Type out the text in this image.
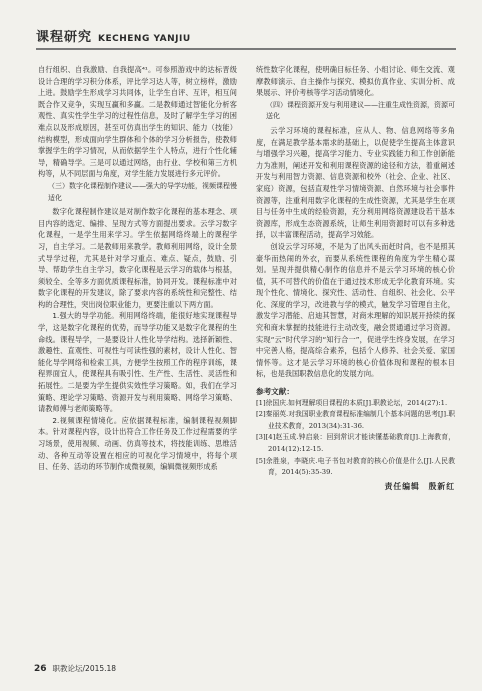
课程研究 KECHENG YANJIU

自行组织、自我激励、自我提高⁴¹。可参照游戏中的达标晋级设计合理的学习积分体系，评比学习达人等，树立榜样，激励上进。鼓励学生形成学习共同体，让学生自评、互评，相互间既合作又竞争，实现互赢和多赢。二是教师通过智能化分析客观性、真实性学生学习的过程性信息，及时了解学生学习的困难点以及形成原因，甚至可仿真出学生的知识、能力（技能）结构模型，形成面向学生群体和个体的学习分析报告，使教师掌握学生的学习情况，从而依据学生个人特点，进行个性化辅导，精确导学。三是可以通过网络，由行业、学校和第三方机构等，从不同层面与角度，对学生能力发展进行多元评价。

（三）数字化课程制作建议——强大的导学功能，视频课程慢适化

数字化课程制作建议是对制作数字化课程的基本理念、项目内容的选定、编排、呈现方式等方面提出要求。云学习数字化课程，一是学生用来学习。学生依据网络终端上的课程学习，自主学习。二是教师用来教学。教师利用网络，设计全景式导学过程，尤其是针对学习重点、难点、疑点，鼓励、引导、帮助学生自主学习，数字化课程是云学习的载体与根基，须较全、全等多方面优质课程标准，协同开发。课程标准中对数字化课程的开发建议，除了要求内容的系统性和完整性、结构的合理性，突出岗位职业能力，更要注重以下两方面。

1.强大的导学功能。利用网络终端，能很好地实现课程导学，这是数字化课程的优势，而导学功能又是数字化课程的生命线。课程导学，一是要设计人性化导学结构。选择新颖性、激趣性、直观性、可视性与可读性强的素材，设计人性化、智能化导学网络和检索工具，方便学生按照工作的程序训练，课程界面宜人，使课程具有吸引性、生产性、生活性、灵活性和拓展性。二是要为学生提供实效性学习策略。如，我们在学习策略、理论学习策略、资源开发与利用策略、网络学习策略、请教师傅与老师策略等。

2.视频课程情境化。应依据课程标准，编制课程视频脚本。针对课程内容，设计出符合工作任务及工作过程需要的学习场景，使用视频、动画、仿真等技术，将技能训练、思维活动、各种互动等设置在相应的可视化学习情境中，将每个项目、任务、活动的环节制作成微视频，编辑微视频形成系

统性数字化课程，使明确目标任务、小组讨论、师生交流、观摩教师演示、自主操作与探究、模拟仿真作业、实训分析、成果展示、评价考核等学习活动情境化。

（四）课程资源开发与利用建议——注重生成性资源，资源可送化

云学习环境的课程标准，应从人、物、信息网络等多角度，在满足教学基本需求的基础上，以促使学生提高主体意识与增强学习兴趣，提高学习能力、专业实践能力和工作创新能力为准则，阐述开发和利用课程资源的途径和方法，着重阐述开发与利用智力资源、信息资源和校外（社会、企业、社区、家庭）资源，包括直观性学习情境资源、自然环境与社会事件资源等，注重利用数字化课程的生成性资源，尤其是学生在项目与任务中生成的经验资源，充分利用网络资源建设若干基本资源库，形成生态资源系统，让师生利用资源时可以有多种选择，以丰富课程活动，提高学习效能。

创设云学习环境，不是为了出风头而赶时尚，也不是照其豪华而热闹的外衣，而要从系统性课程的角度为学生精心谋划。呈现并提供精心制作的信息并不是云学习环境的核心价值，其不可替代的价值在于通过技术形成无学化教育环境。实现个性化、情境化、探究性、活动性、自组织、社会化、公平化、深度的学习，改进教与学的模式，触发学习管理自主化，激发学习潜能、启迪其智慧，对商未理解的知识展开持续的探究和商未掌握的技能进行主动改变，融会贯通通过学习资源。实现“云”时代学习的“知行合一”，促进学生终身发展，在学习中完善人格，提高综合素养，包括个人修养、社会关爱、家国情怀等。这才是云学习环境的核心价值体现和课程的根本目标，也是我国职教信息化的发展方向。

参考文献：
[1]徐国庆.如何理解项目课程的本质[J].职教论坛，2014(27):1.
[2]秦丽英.对我国职业教育课程标准编制几个基本问题的思考[J].职业技术教育，2013(34):31-36.
[3][4]赵玉成.钟启泉：回到常识才能读懂基础教育[J].上海教育，2014(12):12-15.
[5]余胜泉，李晓庆.电子书包对教育的核心价值是什么[J].人民教育，2014(5):35-39.
责任编辑　殷新红
26 职教论坛/2015.18
